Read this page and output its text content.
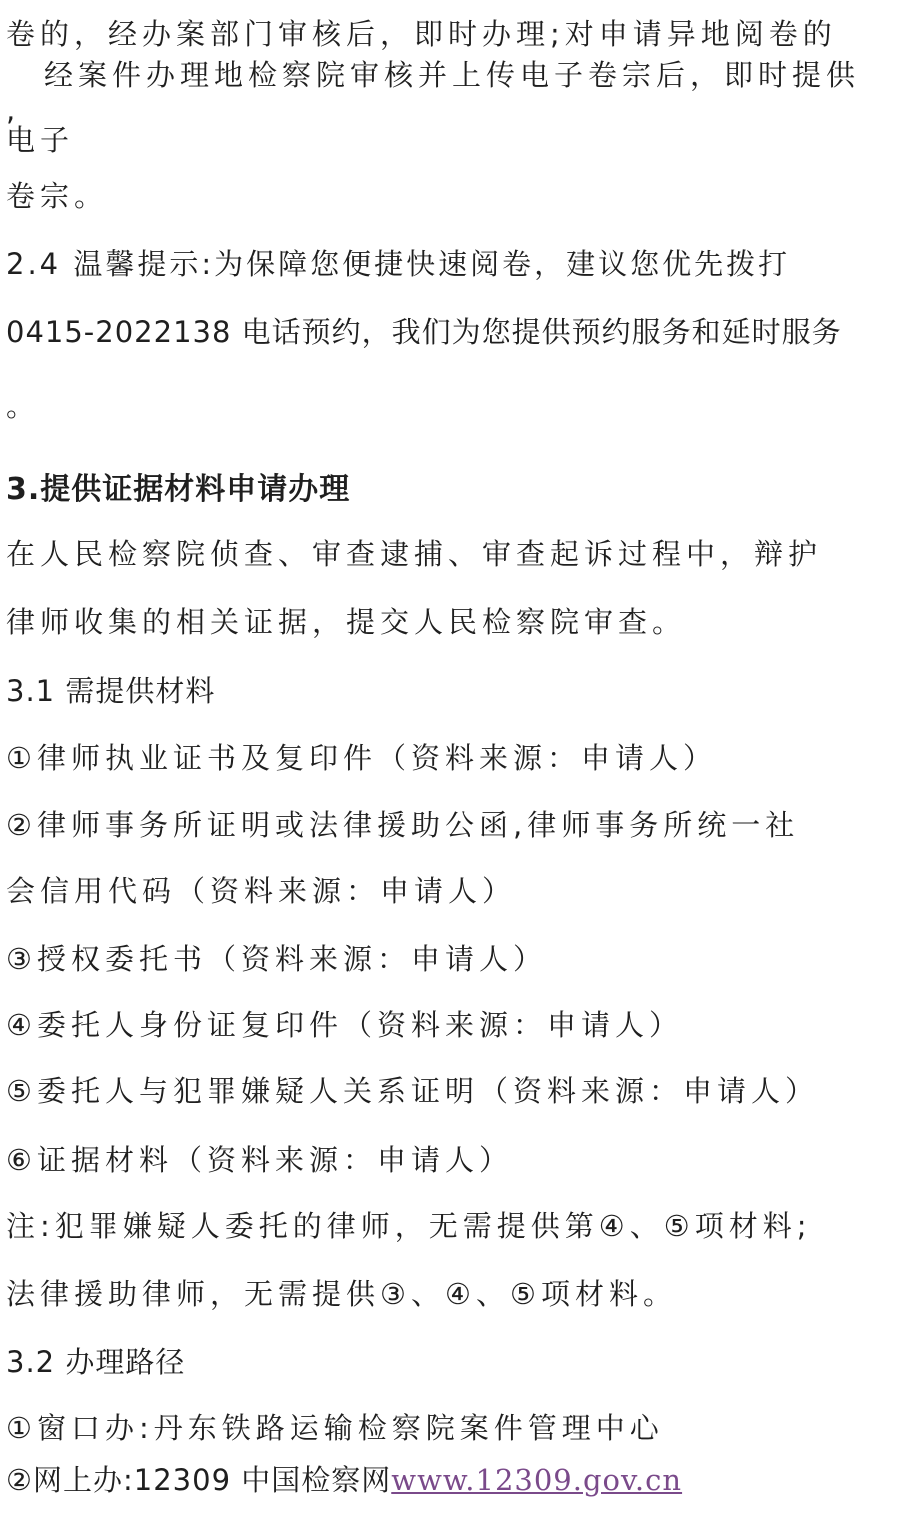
卷的，经办案部门审核后，即时办理;对申请异地阅卷的
经案件办理地检察院审核并上传电子卷宗后，即时提供
,
电子
卷宗。
2.4 温馨提示:为保障您便捷快速阅卷，建议您优先拨打
0415-2022138 电话预约，我们为您提供预约服务和延时服务
。
3.提供证据材料申请办理
在人民检察院侦查、审查逮捕、审查起诉过程中，辩护
律师收集的相关证据，提交人民检察院审查。
3.1 需提供材料
①律师执业证书及复印件（资料来源：申请人）
②律师事务所证明或法律援助公函,律师事务所统一社
会信用代码（资料来源：申请人）
③授权委托书（资料来源：申请人）
④委托人身份证复印件（资料来源：申请人）
⑤委托人与犯罪嫌疑人关系证明（资料来源：申请人）
⑥证据材料（资料来源：申请人）
注:犯罪嫌疑人委托的律师，无需提供第④、⑤项材料;
法律援助律师，无需提供③、④、⑤项材料。
3.2 办理路径
①窗口办:丹东铁路运输检察院案件管理中心
②网上办:12309 中国检察网www.12309.gov.cn
